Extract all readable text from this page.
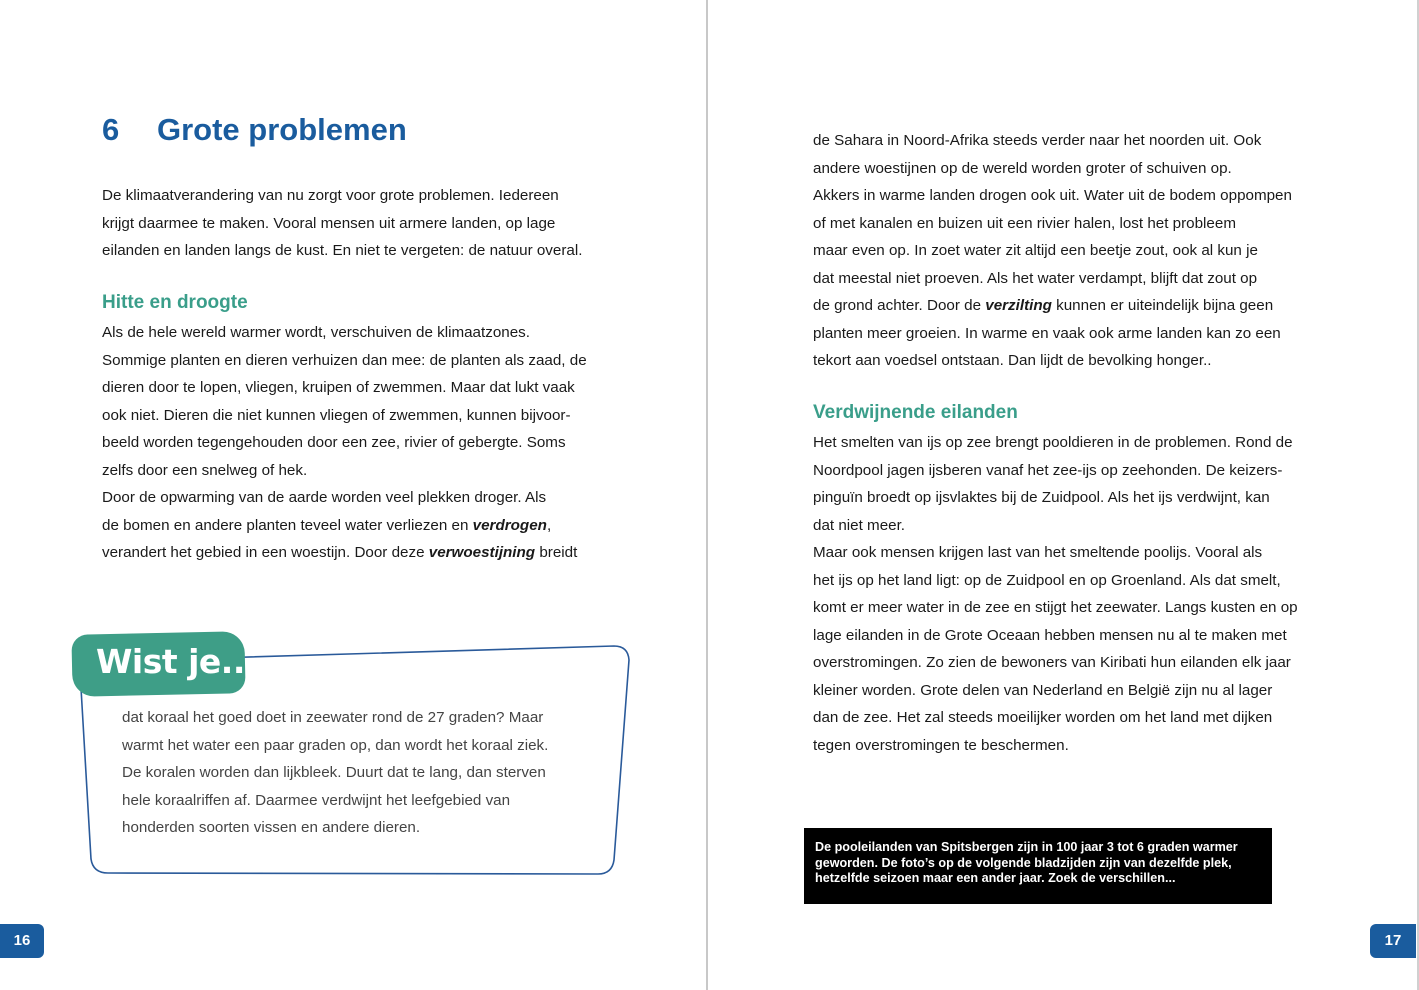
6 Grote problemen

De klimaatverandering van nu zorgt voor grote problemen. Iedereen

krijgt daarmee te maken. Vooral mensen uit armere landen, op lage

eilanden en landen langs de kust. En niet te vergeten: de natuur overal.

Hitte en droogte

Als de hele wereld warmer wordt, verschuiven de klimaatzones.

Sommige planten en dieren verhuizen dan mee: de planten als zaad, de

dieren door te lopen, vliegen, kruipen of zwemmen. Maar dat lukt vaak

ook niet. Dieren die niet kunnen vliegen of zwemmen, kunnen bijvoor-

beeld worden tegengehouden door een zee, rivier of gebergte. Soms

zelfs door een snelweg of hek.

Door de opwarming van de aarde worden veel plekken droger. Als

de bomen en andere planten teveel water verliezen en verdrogen,

verandert het gebied in een woestijn. Door deze verwoestijning breidt

Wist je...

dat koraal het goed doet in zeewater rond de 27 graden? Maar

warmt het water een paar graden op, dan wordt het koraal ziek.

De koralen worden dan lijkbleek. Duurt dat te lang, dan sterven

hele koraalriffen af. Daarmee verdwijnt het leefgebied van

honderden soorten vissen en andere dieren.

16

de Sahara in Noord-Afrika steeds verder naar het noorden uit. Ook

andere woestijnen op de wereld worden groter of schuiven op.

Akkers in warme landen drogen ook uit. Water uit de bodem oppompen

of met kanalen en buizen uit een rivier halen, lost het probleem

maar even op. In zoet water zit altijd een beetje zout, ook al kun je

dat meestal niet proeven. Als het water verdampt, blijft dat zout op

de grond achter. Door de verzilting kunnen er uiteindelijk bijna geen

planten meer groeien. In warme en vaak ook arme landen kan zo een

tekort aan voedsel ontstaan. Dan lijdt de bevolking honger..

Verdwijnende eilanden

Het smelten van ijs op zee brengt pooldieren in de problemen. Rond de

Noordpool jagen ijsberen vanaf het zee-ijs op zeehonden. De keizers-

pinguïn broedt op ijsvlaktes bij de Zuidpool. Als het ijs verdwijnt, kan

dat niet meer.

Maar ook mensen krijgen last van het smeltende poolijs. Vooral als

het ijs op het land ligt: op de Zuidpool en op Groenland. Als dat smelt,

komt er meer water in de zee en stijgt het zeewater. Langs kusten en op

lage eilanden in de Grote Oceaan hebben mensen nu al te maken met

overstromingen. Zo zien de bewoners van Kiribati hun eilanden elk jaar

kleiner worden. Grote delen van Nederland en België zijn nu al lager

dan de zee. Het zal steeds moeilijker worden om het land met dijken

tegen overstromingen te beschermen.

De pooleilanden van Spitsbergen zijn in 100 jaar 3 tot 6 graden warmer

geworden. De foto’s op de volgende bladzijden zijn van dezelfde plek,

hetzelfde seizoen maar een ander jaar. Zoek de verschillen...

17
